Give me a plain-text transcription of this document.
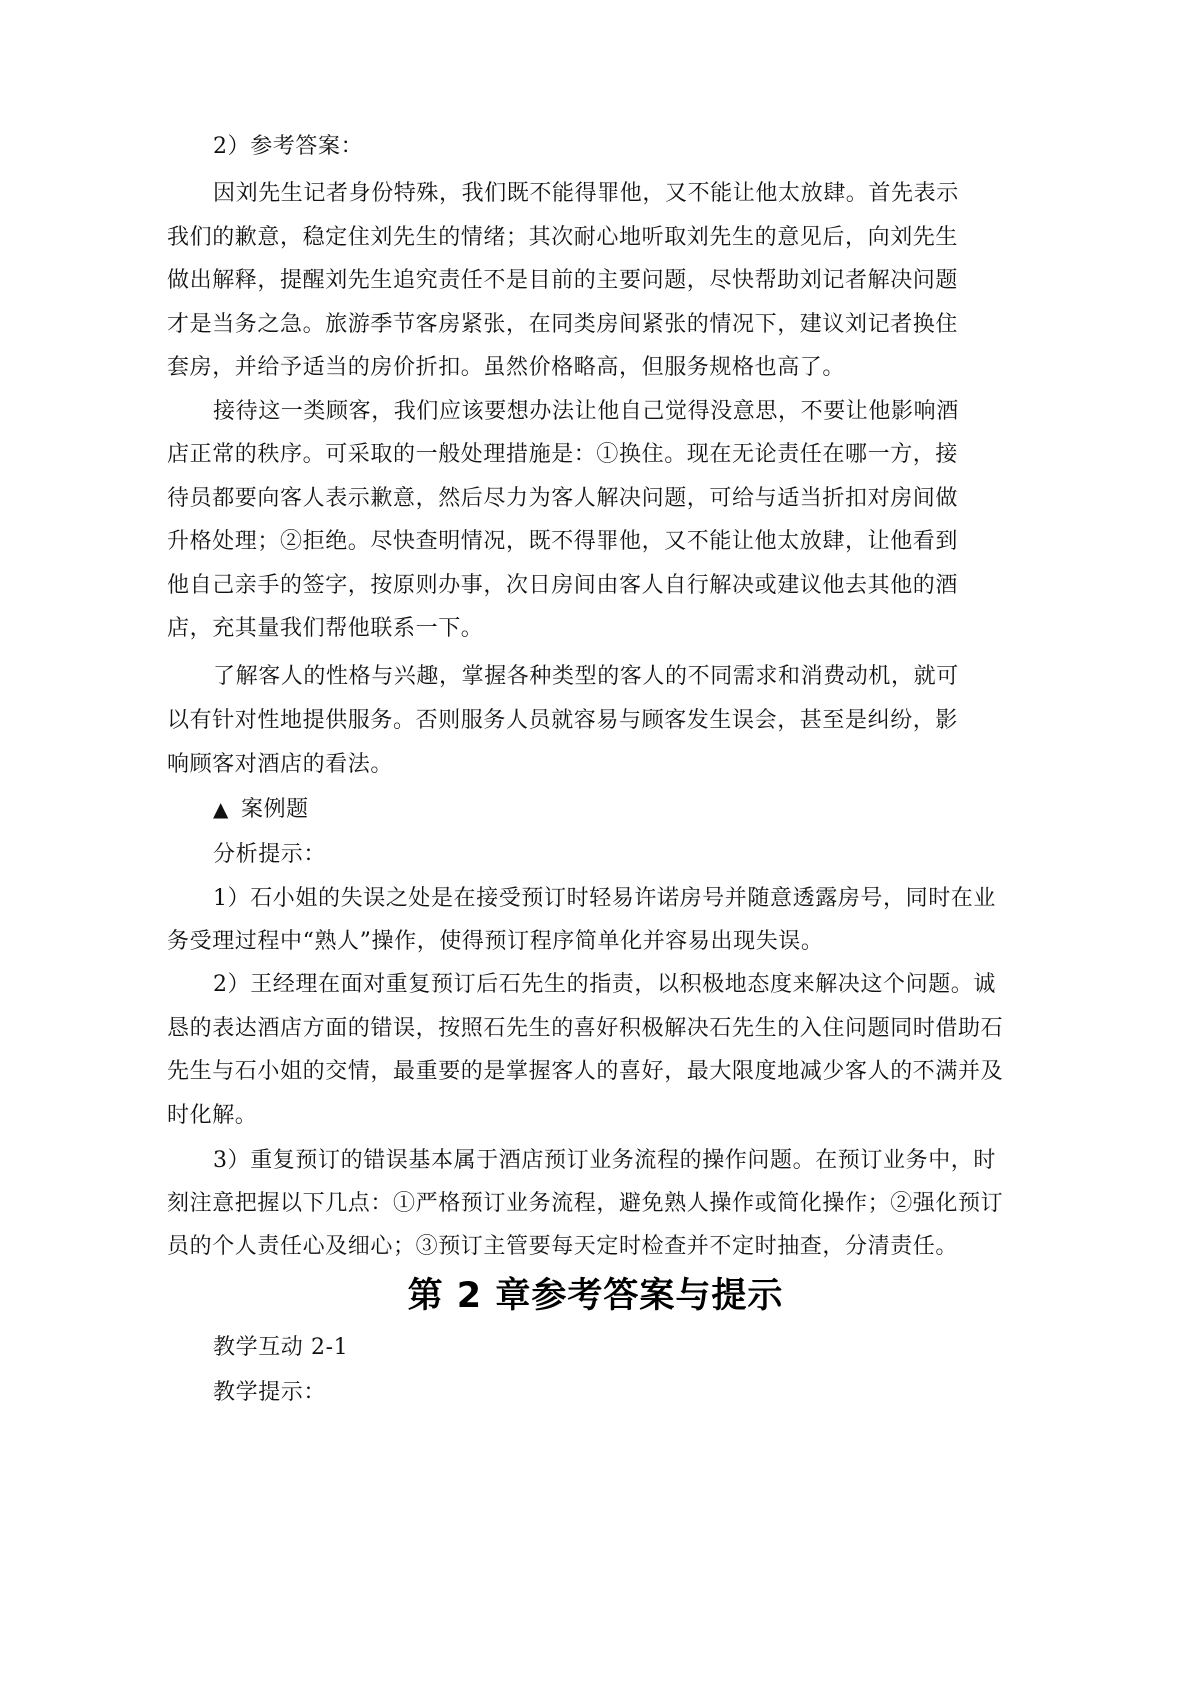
2）参考答案：
因刘先生记者身份特殊，我们既不能得罪他，又不能让他太放肆。首先表示
我们的歉意，稳定住刘先生的情绪；其次耐心地听取刘先生的意见后，向刘先生
做出解释，提醒刘先生追究责任不是目前的主要问题，尽快帮助刘记者解决问题
才是当务之急。旅游季节客房紧张，在同类房间紧张的情况下，建议刘记者换住
套房，并给予适当的房价折扣。虽然价格略高，但服务规格也高了。
接待这一类顾客，我们应该要想办法让他自己觉得没意思，不要让他影响酒
店正常的秩序。可采取的一般处理措施是：①换住。现在无论责任在哪一方，接
待员都要向客人表示歉意，然后尽力为客人解决问题，可给与适当折扣对房间做
升格处理；②拒绝。尽快查明情况，既不得罪他，又不能让他太放肆，让他看到
他自己亲手的签字，按原则办事，次日房间由客人自行解决或建议他去其他的酒
店，充其量我们帮他联系一下。
了解客人的性格与兴趣，掌握各种类型的客人的不同需求和消费动机，就可
以有针对性地提供服务。否则服务人员就容易与顾客发生误会，甚至是纠纷，影
响顾客对酒店的看法。
▲ 案例题
分析提示：
1）石小姐的失误之处是在接受预订时轻易许诺房号并随意透露房号，同时在业
务受理过程中“熟人”操作，使得预订程序简单化并容易出现失误。
2）王经理在面对重复预订后石先生的指责，以积极地态度来解决这个问题。诚
恳的表达酒店方面的错误，按照石先生的喜好积极解决石先生的入住问题同时借助石
先生与石小姐的交情，最重要的是掌握客人的喜好，最大限度地减少客人的不满并及
时化解。
3）重复预订的错误基本属于酒店预订业务流程的操作问题。在预订业务中，时
刻注意把握以下几点：①严格预订业务流程，避免熟人操作或简化操作；②强化预订
员的个人责任心及细心；③预订主管要每天定时检查并不定时抽查，分清责任。
第 2 章参考答案与提示
教学互动 2-1
教学提示：
